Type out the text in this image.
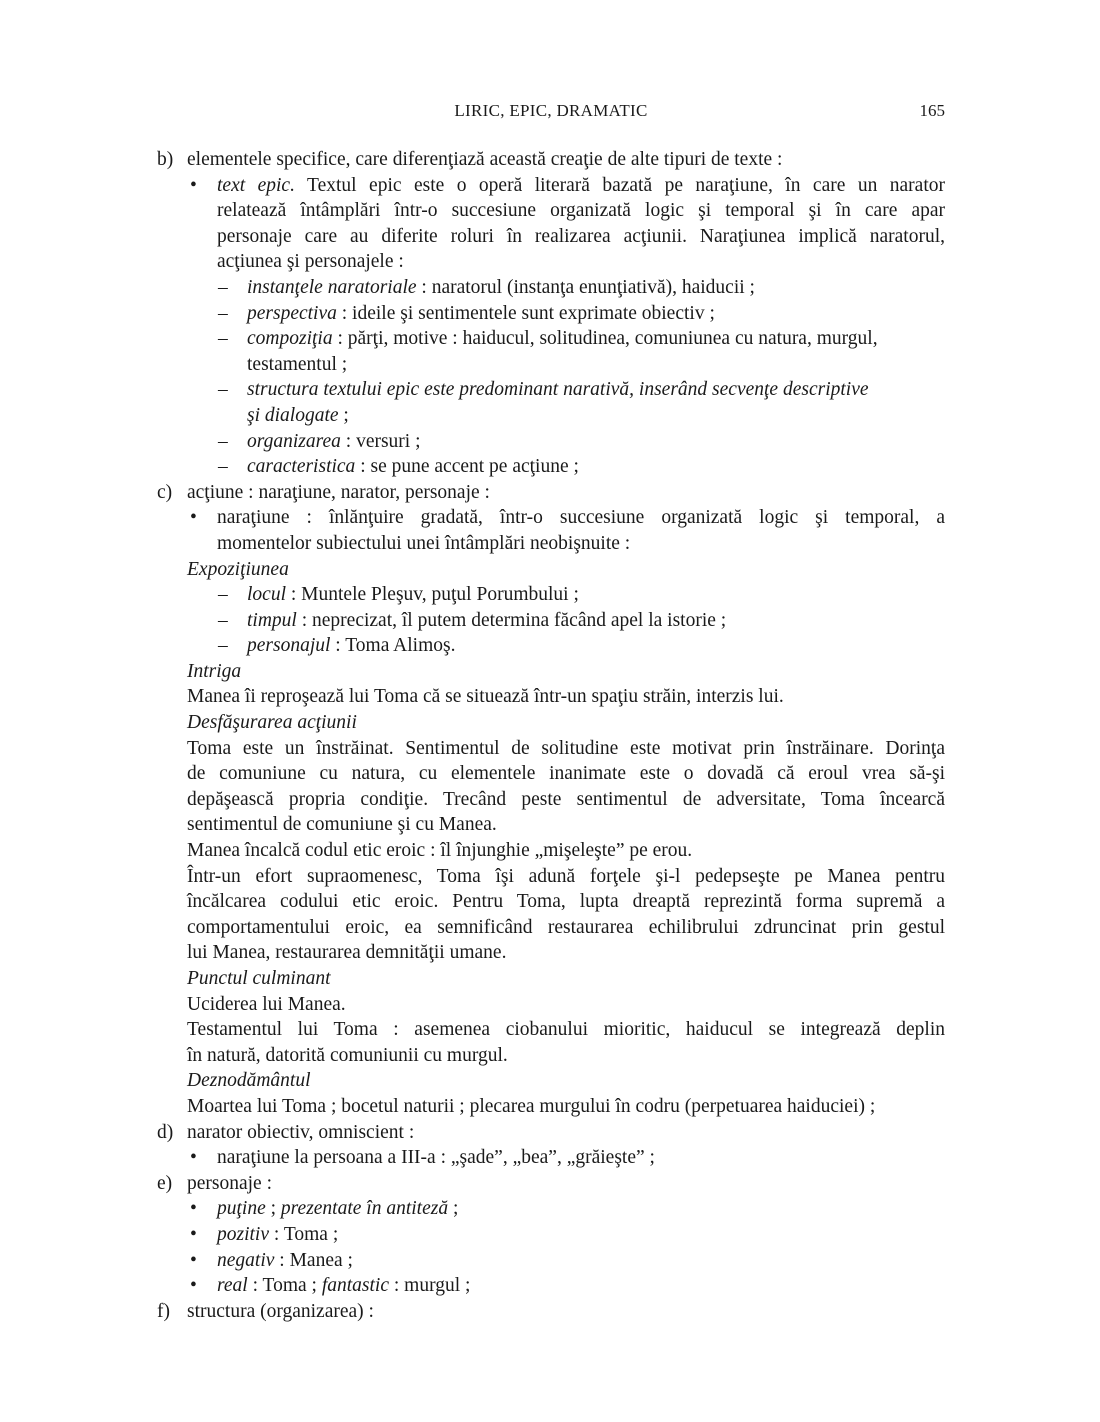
LIRIC, EPIC, DRAMATIC	165
b) elementele specifice, care diferenţiază această creaţie de alte tipuri de texte :
• text epic. Textul epic este o operă literară bazată pe naraţiune, în care un narator
relatează întâmplări într-o succesiune organizată logic şi temporal şi în care apar
personaje care au diferite roluri în realizarea acţiunii. Naraţiunea implică naratorul,
acţiunea şi personajele :
– instanţele naratoriale : naratorul (instanţa enunţiativă), haiducii ;
– perspectiva : ideile şi sentimentele sunt exprimate obiectiv ;
– compoziţia : părţi, motive : haiducul, solitudinea, comuniunea cu natura, murgul,
testamentul ;
– structura textului epic este predominant narativă, inserând secvenţe descriptive
şi dialogate ;
– organizarea : versuri ;
– caracteristica : se pune accent pe acţiune ;
c) acţiune : naraţiune, narator, personaje :
• naraţiune : înlănţuire gradată, într-o succesiune organizată logic şi temporal, a
momentelor subiectului unei întâmplări neobişnuite :
Expoziţiunea
– locul : Muntele Pleşuv, puţul Porumbului ;
– timpul : neprecizat, îl putem determina făcând apel la istorie ;
– personajul : Toma Alimoş.
Intriga
Manea îi reproşează lui Toma că se situează într-un spaţiu străin, interzis lui.
Desfăşurarea acţiunii
Toma este un înstrăinat. Sentimentul de solitudine este motivat prin înstrăinare. Dorinţa
de comuniune cu natura, cu elementele inanimate este o dovadă că eroul vrea să-şi
depăşească propria condiţie. Trecând peste sentimentul de adversitate, Toma încearcă
sentimentul de comuniune şi cu Manea.
Manea încalcă codul etic eroic : îl înjunghie „mişeleşte” pe erou.
Într-un efort supraomenesc, Toma îşi adună forţele şi-l pedepseşte pe Manea pentru
încălcarea codului etic eroic. Pentru Toma, lupta dreaptă reprezintă forma supremă a
comportamentului eroic, ea semnificând restaurarea echilibrului zdruncinat prin gestul
lui Manea, restaurarea demnităţii umane.
Punctul culminant
Uciderea lui Manea.
Testamentul lui Toma : asemenea ciobanului mioritic, haiducul se integrează deplin
în natură, datorită comuniunii cu murgul.
Deznodământul
Moartea lui Toma ; bocetul naturii ; plecarea murgului în codru (perpetuarea haiduciei) ;
d) narator obiectiv, omniscient :
• naraţiune la persoana a III-a : „şade”, „bea”, „grăieşte” ;
e) personaje :
• puţine ; prezentate în antiteză ;
• pozitiv : Toma ;
• negativ : Manea ;
• real : Toma ; fantastic : murgul ;
f) structura (organizarea) :
